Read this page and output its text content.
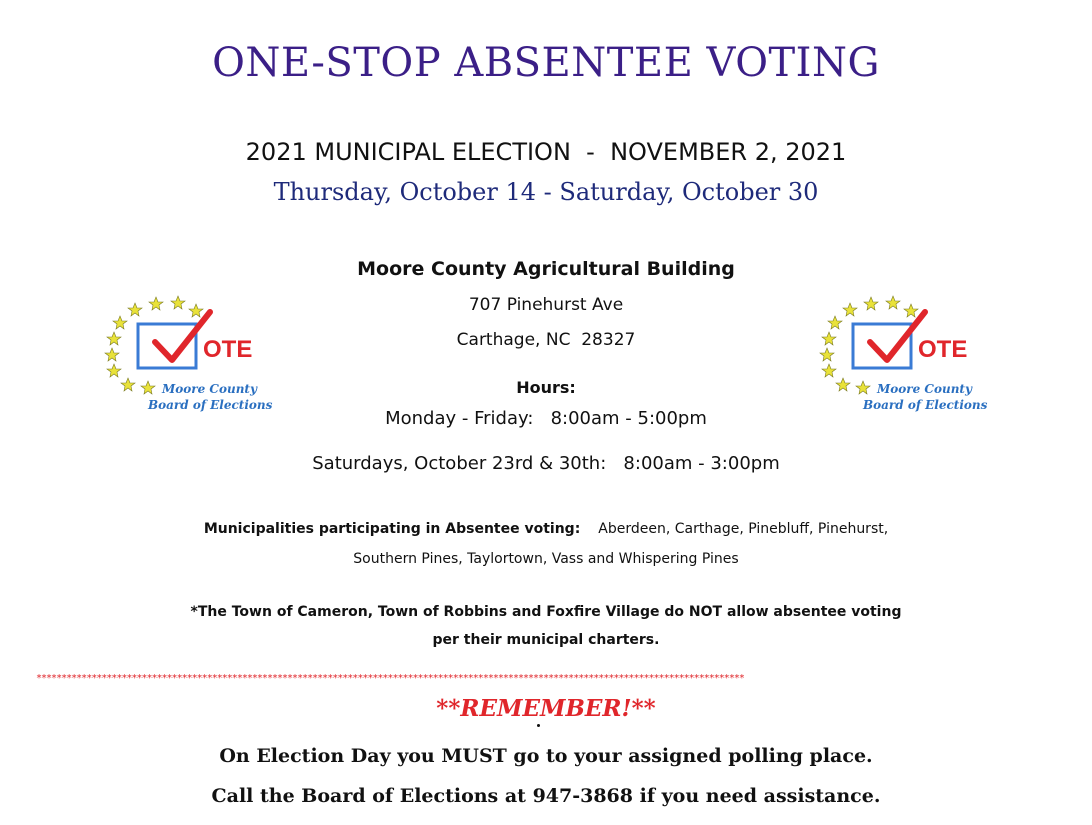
ONE-STOP ABSENTEE VOTING
2021 MUNICIPAL ELECTION  -  NOVEMBER 2, 2021
Thursday, October 14 - Saturday, October 30
Moore County Agricultural Building
707 Pinehurst Ave
Carthage, NC  28327
Hours:
Monday - Friday:   8:00am - 5:00pm
Saturdays, October 23rd & 30th:   8:00am - 3:00pm
Municipalities participating in Absentee voting: Aberdeen, Carthage, Pinebluff, Pinehurst,
Southern Pines, Taylortown, Vass and Whispering Pines
*The Town of Cameron, Town of Robbins and Foxfire Village do NOT allow absentee voting
per their municipal charters.
*********************************************************************************************************************************************
**REMEMBER!**
On Election Day you MUST go to your assigned polling place.
Call the Board of Elections at 947-3868 if you need assistance.
OTE
Moore County
Board of Elections
OTE
Moore County
Board of Elections
